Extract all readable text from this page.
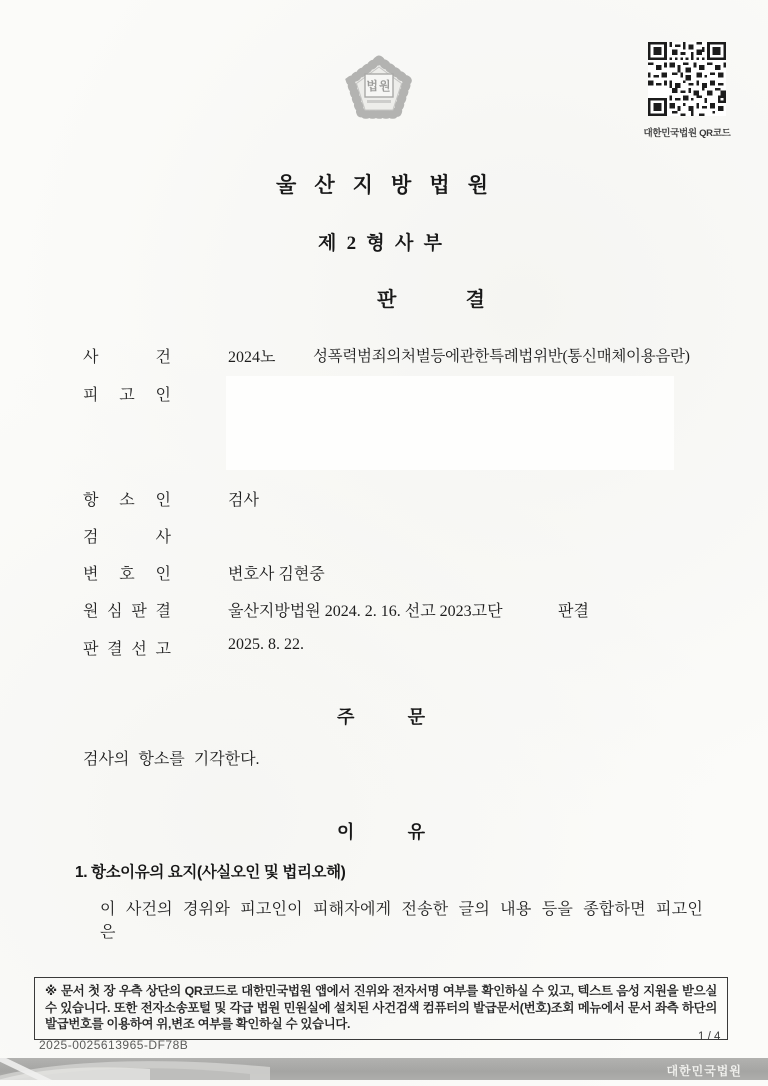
법원
대한민국법원 QR코드
울 산 지 방 법 원
제 2 형 사 부
판 결
사 건	2024노 성폭력범죄의처벌등에관한특례법위반(통신매체이용음란)
피 고 인
항 소 인	검사
검 사
변 호 인	변호사 김현중
원 심 판 결	울산지방법원 2024. 2. 16. 선고 2023고단	판결
판 결 선 고	2025. 8. 22.
주 문
검사의 항소를 기각한다.
이 유
1. 항소이유의 요지(사실오인 및 법리오해)
이 사건의 경위와 피고인이 피해자에게 전송한 글의 내용 등을 종합하면 피고인은
※ 문서 첫 장 우측 상단의 QR코드로 대한민국법원 앱에서 진위와 전자서명 여부를 확인하실 수 있고, 텍스트 음성 지원을 받으실 수 있습니다. 또한 전자소송포털 및 각급 법원 민원실에 설치된 사건검색 컴퓨터의 발급문서(번호)조회 메뉴에서 문서 좌측 하단의 발급번호를 이용하여 위,변조 여부를 확인하실 수 있습니다.
1 / 4
2025-0025613965-DF78B
대한민국법원
